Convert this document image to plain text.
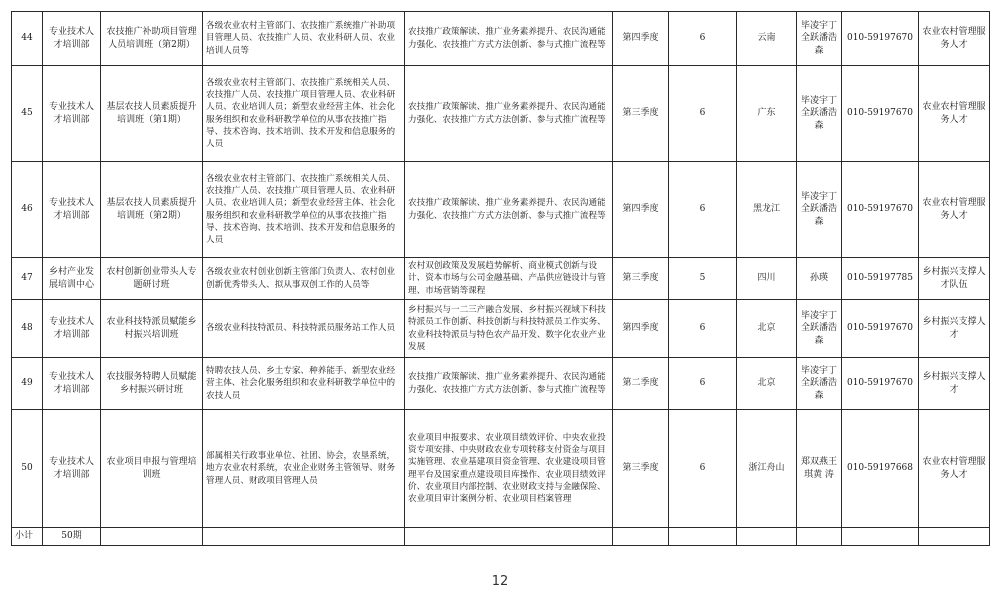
44	专业技术人才培训部	农技推广补助项目管理人员培训班（第2期）	各级农业农村主管部门、农技推广系统推广补助项目管理人员、农技推广人员、农业科研人员、农业培训人员等	农技推广政策解读、推广业务素养提升、农民沟通能力强化、农技推广方式方法创新、参与式推广流程等	第四季度	6	云南	毕凌宇丁全跃潘浩森	010-59197670	农业农村管理服务人才
45	专业技术人才培训部	基层农技人员素质提升培训班（第1期）	各级农业农村主管部门、农技推广系统相关人员、农技推广人员、农技推广项目管理人员、农业科研人员、农业培训人员；新型农业经营主体、社会化服务组织和农业科研教学单位的从事农技推广指导、技术咨询、技术培训、技术开发和信息服务的人员	农技推广政策解读、推广业务素养提升、农民沟通能力强化、农技推广方式方法创新、参与式推广流程等	第三季度	6	广东	毕凌宇丁全跃潘浩森	010-59197670	农业农村管理服务人才
46	专业技术人才培训部	基层农技人员素质提升培训班（第2期）	各级农业农村主管部门、农技推广系统相关人员、农技推广人员、农技推广项目管理人员、农业科研人员、农业培训人员；新型农业经营主体、社会化服务组织和农业科研教学单位的从事农技推广指导、技术咨询、技术培训、技术开发和信息服务的人员	农技推广政策解读、推广业务素养提升、农民沟通能力强化、农技推广方式方法创新、参与式推广流程等	第四季度	6	黑龙江	毕凌宇丁全跃潘浩森	010-59197670	农业农村管理服务人才
47	乡村产业发展培训中心	农村创新创业带头人专题研讨班	各级农业农村创业创新主管部门负责人、农村创业创新优秀带头人、拟从事双创工作的人员等	农村双创政策及发展趋势解析、商业模式创新与设计、资本市场与公司金融基础、产品供应链设计与管理、市场营销等课程	第三季度	5	四川	孙瑛	010-59197785	乡村振兴支撑人才队伍
48	专业技术人才培训部	农业科技特派员赋能乡村振兴培训班	各级农业科技特派员、科技特派员服务站工作人员	乡村振兴与一二三产融合发展、乡村振兴视域下科技特派员工作创新、科技创新与科技特派员工作实务、农业科技特派员与特色农产品开发、数字化农业产业发展	第四季度	6	北京	毕凌宇丁全跃潘浩森	010-59197670	乡村振兴支撑人才
49	专业技术人才培训部	农技服务特聘人员赋能乡村振兴研讨班	特聘农技人员、乡土专家、种养能手、新型农业经营主体、社会化服务组织和农业科研教学单位中的农技人员	农技推广政策解读、推广业务素养提升、农民沟通能力强化、农技推广方式方法创新、参与式推广流程等	第二季度	6	北京	毕凌宇丁全跃潘浩森	010-59197670	乡村振兴支撑人才
50	专业技术人才培训部	农业项目申报与管理培训班	部属相关行政事业单位、社团、协会，农垦系统，地方农业农村系统，农业企业财务主管领导、财务管理人员、财政项目管理人员	农业项目申报要求、农业项目绩效评价、中央农业投资专项安排、中央财政农业专项转移支付资金与项目实施管理、农业基建项目资金管理、农业建设项目管理平台及国家重点建设项目库操作、农业项目绩效评价、农业项目内部控制、农业财政支持与金融保险、农业项目审计案例分析、农业项目档案管理	第三季度	6	浙江舟山	郑双燕王 琪黄 涛	010-59197668	农业农村管理服务人才
小计	50期									
12
